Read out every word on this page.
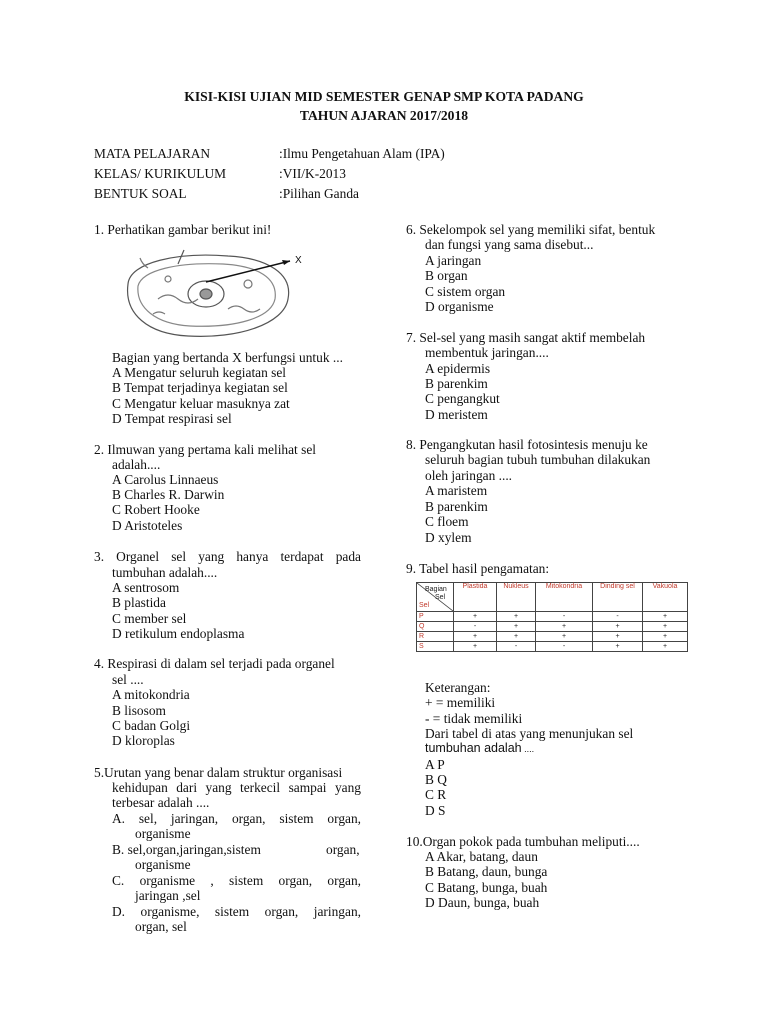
KISI-KISI UJIAN MID SEMESTER GENAP SMP KOTA PADANG
TAHUN AJARAN 2017/2018
MATA PELAJARAN	:Ilmu Pengetahuan Alam (IPA)
KELAS/ KURIKULUM	:VII/K-2013
BENTUK SOAL	:Pilihan Ganda
1. Perhatikan gambar berikut ini!
X
Bagian yang bertanda X berfungsi untuk ...
A Mengatur seluruh kegiatan sel
B Tempat terjadinya kegiatan sel
C Mengatur keluar masuknya zat
D Tempat respirasi sel
2. Ilmuwan yang pertama kali melihat sel
adalah....
A Carolus Linnaeus
B Charles R. Darwin
C Robert Hooke
D Aristoteles
3. Organel sel yang hanya terdapat pada
tumbuhan adalah....
A sentrosom
B plastida
C member sel
D retikulum endoplasma
4. Respirasi di dalam sel terjadi pada organel
sel ....
A mitokondria
B lisosom
C badan Golgi
D kloroplas
5.Urutan yang benar dalam struktur organisasi
kehidupan dari yang terkecil sampai yang
terbesar adalah ....
A. sel, jaringan, organ, sistem organ,
organisme
B. sel,organ,jaringan,sistem	organ,
organisme
C. organisme , sistem organ, organ,
jaringan ,sel
D. organisme, sistem organ, jaringan,
organ, sel
6. Sekelompok sel yang memiliki sifat, bentuk
dan fungsi yang sama disebut...
A jaringan
B organ
C sistem organ
D organisme
7. Sel-sel yang masih sangat aktif membelah
membentuk jaringan....
A epidermis
B parenkim
C pengangkut
D meristem
8. Pengangkutan hasil fotosintesis menuju ke
seluruh bagian tubuh tumbuhan dilakukan
oleh jaringan ....
A maristem
B parenkim
C floem
D xylem
9. Tabel hasil pengamatan:
Bagian
Sel
Sel	Plastida	Nukleus	Mitokondria	Dinding sel	Vakuola
P	+	+	-	-	+
Q	-	+	+	+	+
R	+	+	+	+	+
S	+	-	-	+	+
Keterangan:
+ = memiliki
- = tidak memiliki
Dari tabel di atas yang menunjukan sel
tumbuhan adalah ....
A P
B Q
C R
D S
10.Organ pokok pada tumbuhan meliputi....
A Akar, batang, daun
B Batang, daun, bunga
C Batang, bunga, buah
D Daun, bunga, buah
